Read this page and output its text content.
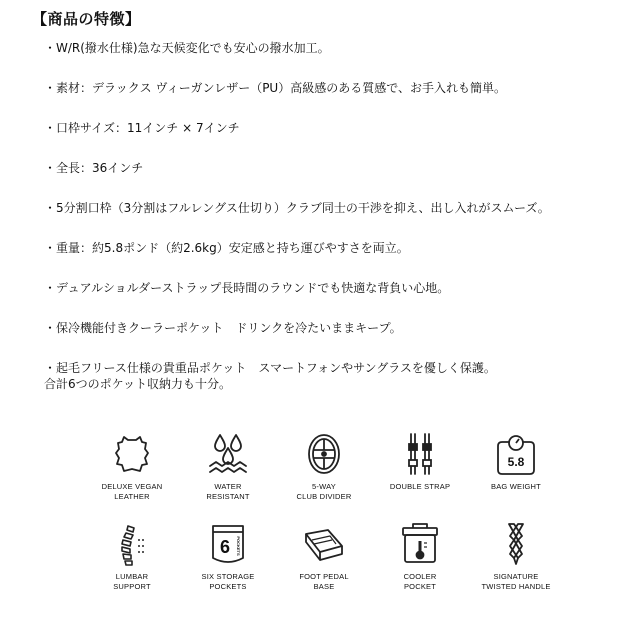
【商品の特徴】
・W/R(撥水仕様)急な天候変化でも安心の撥水加工。
・素材：デラックス ヴィーガンレザー（PU）高級感のある質感で、お手入れも簡単。
・口枠サイズ：11インチ × 7インチ
・全長：36インチ
・5分割口枠（3分割はフルレングス仕切り）クラブ同士の干渉を抑え、出し入れがスムーズ。
・重量：約5.8ポンド（約2.6kg）安定感と持ち運びやすさを両立。
・デュアルショルダーストラップ長時間のラウンドでも快適な背負い心地。
・保冷機能付きクーラーポケット　ドリンクを冷たいままキープ。
・起毛フリース仕様の貴重品ポケット　スマートフォンやサングラスを優しく保護。
合計6つのポケット収納力も十分。
DELUXE VEGAN
LEATHER
WATER
RESISTANT
5-WAY
CLUB DIVIDER
DOUBLE STRAP
5.8
BAG WEIGHT
LUMBAR
SUPPORT
6 POCKETS
SIX STORAGE
POCKETS
FOOT PEDAL
BASE
COOLER
POCKET
SIGNATURE
TWISTED HANDLE
